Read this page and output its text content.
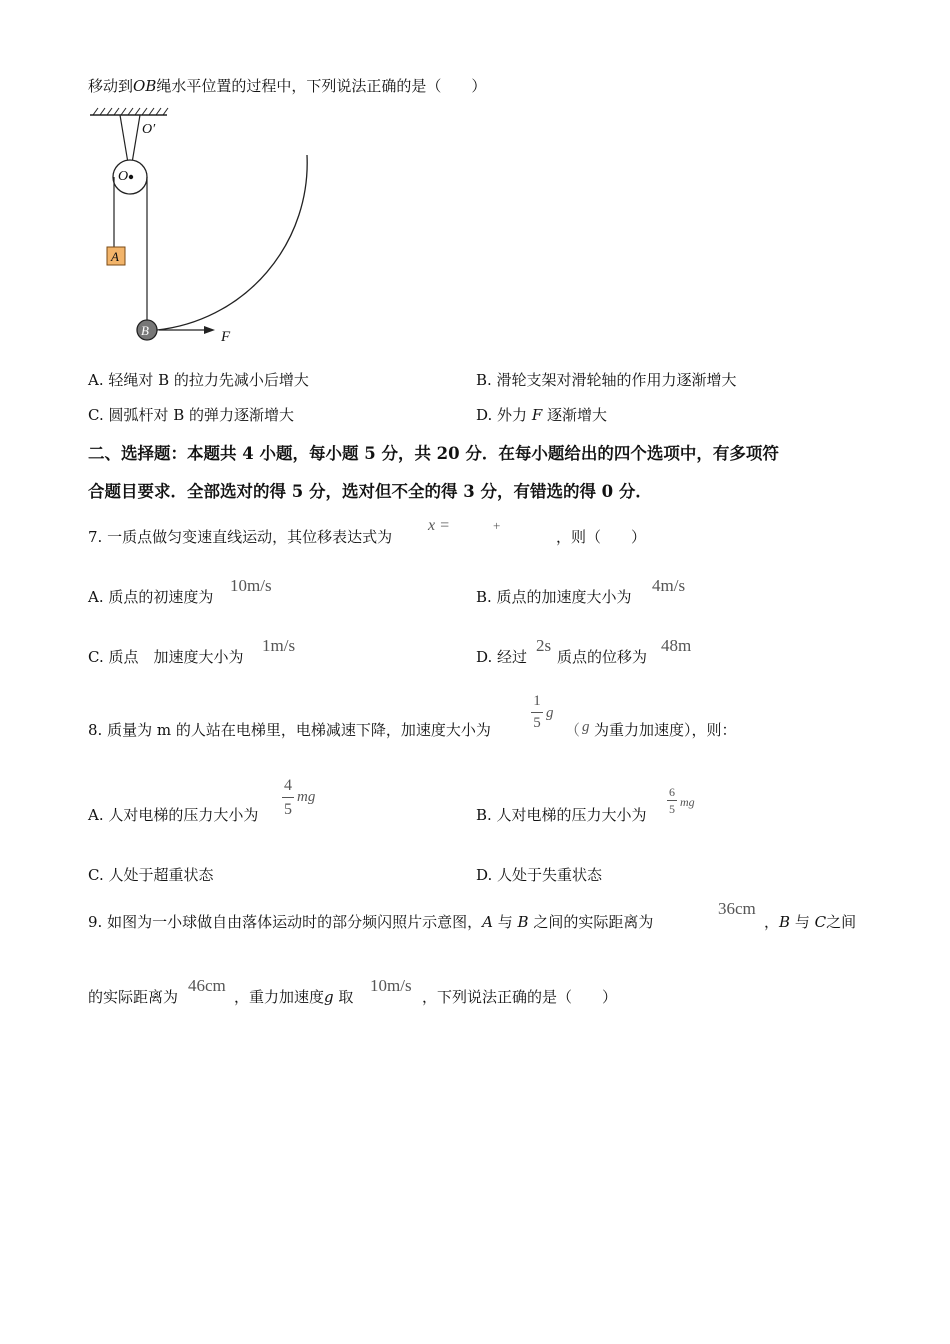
移动到OB绳水平位置的过程中，下列说法正确的是（　　）
O′
O
A
B	F
A. 轻绳对 B 的拉力先减小后增大	B. 滑轮支架对滑轮轴的作用力逐渐增大
C. 圆弧杆对 B 的弹力逐渐增大	D. 外力 F 逐渐增大
二、选择题：本题共 4 小题，每小题 5 分，共 20 分．在每小题给出的四个选项中，有多项符
合题目要求．全部选对的得 5 分，选对但不全的得 3 分，有错选的得 0 分．
7. 一质点做匀变速直线运动，其位移表达式为
x =	+
，则（　　）
A. 质点的初速度为
10m/s
B. 质点的加速度大小为
4m/s
C. 质点　加速度大小为
1m/s
D. 经过
2s
质点的位移为
48m
8. 质量为 m 的人站在电梯里，电梯减速下降，加速度大小为
1
5
g
（ g 为重力加速度），则：
A. 人对电梯的压力大小为
4
5
mg
B. 人对电梯的压力大小为
6
5 mg
C. 人处于超重状态	D. 人处于失重状态
9. 如图为一小球做自由落体运动时的部分频闪照片示意图，A 与 B 之间的实际距离为
36cm
，B 与 C之间
的实际距离为
46cm
，重力加速度g 取
10m/s
，下列说法正确的是（　　）
